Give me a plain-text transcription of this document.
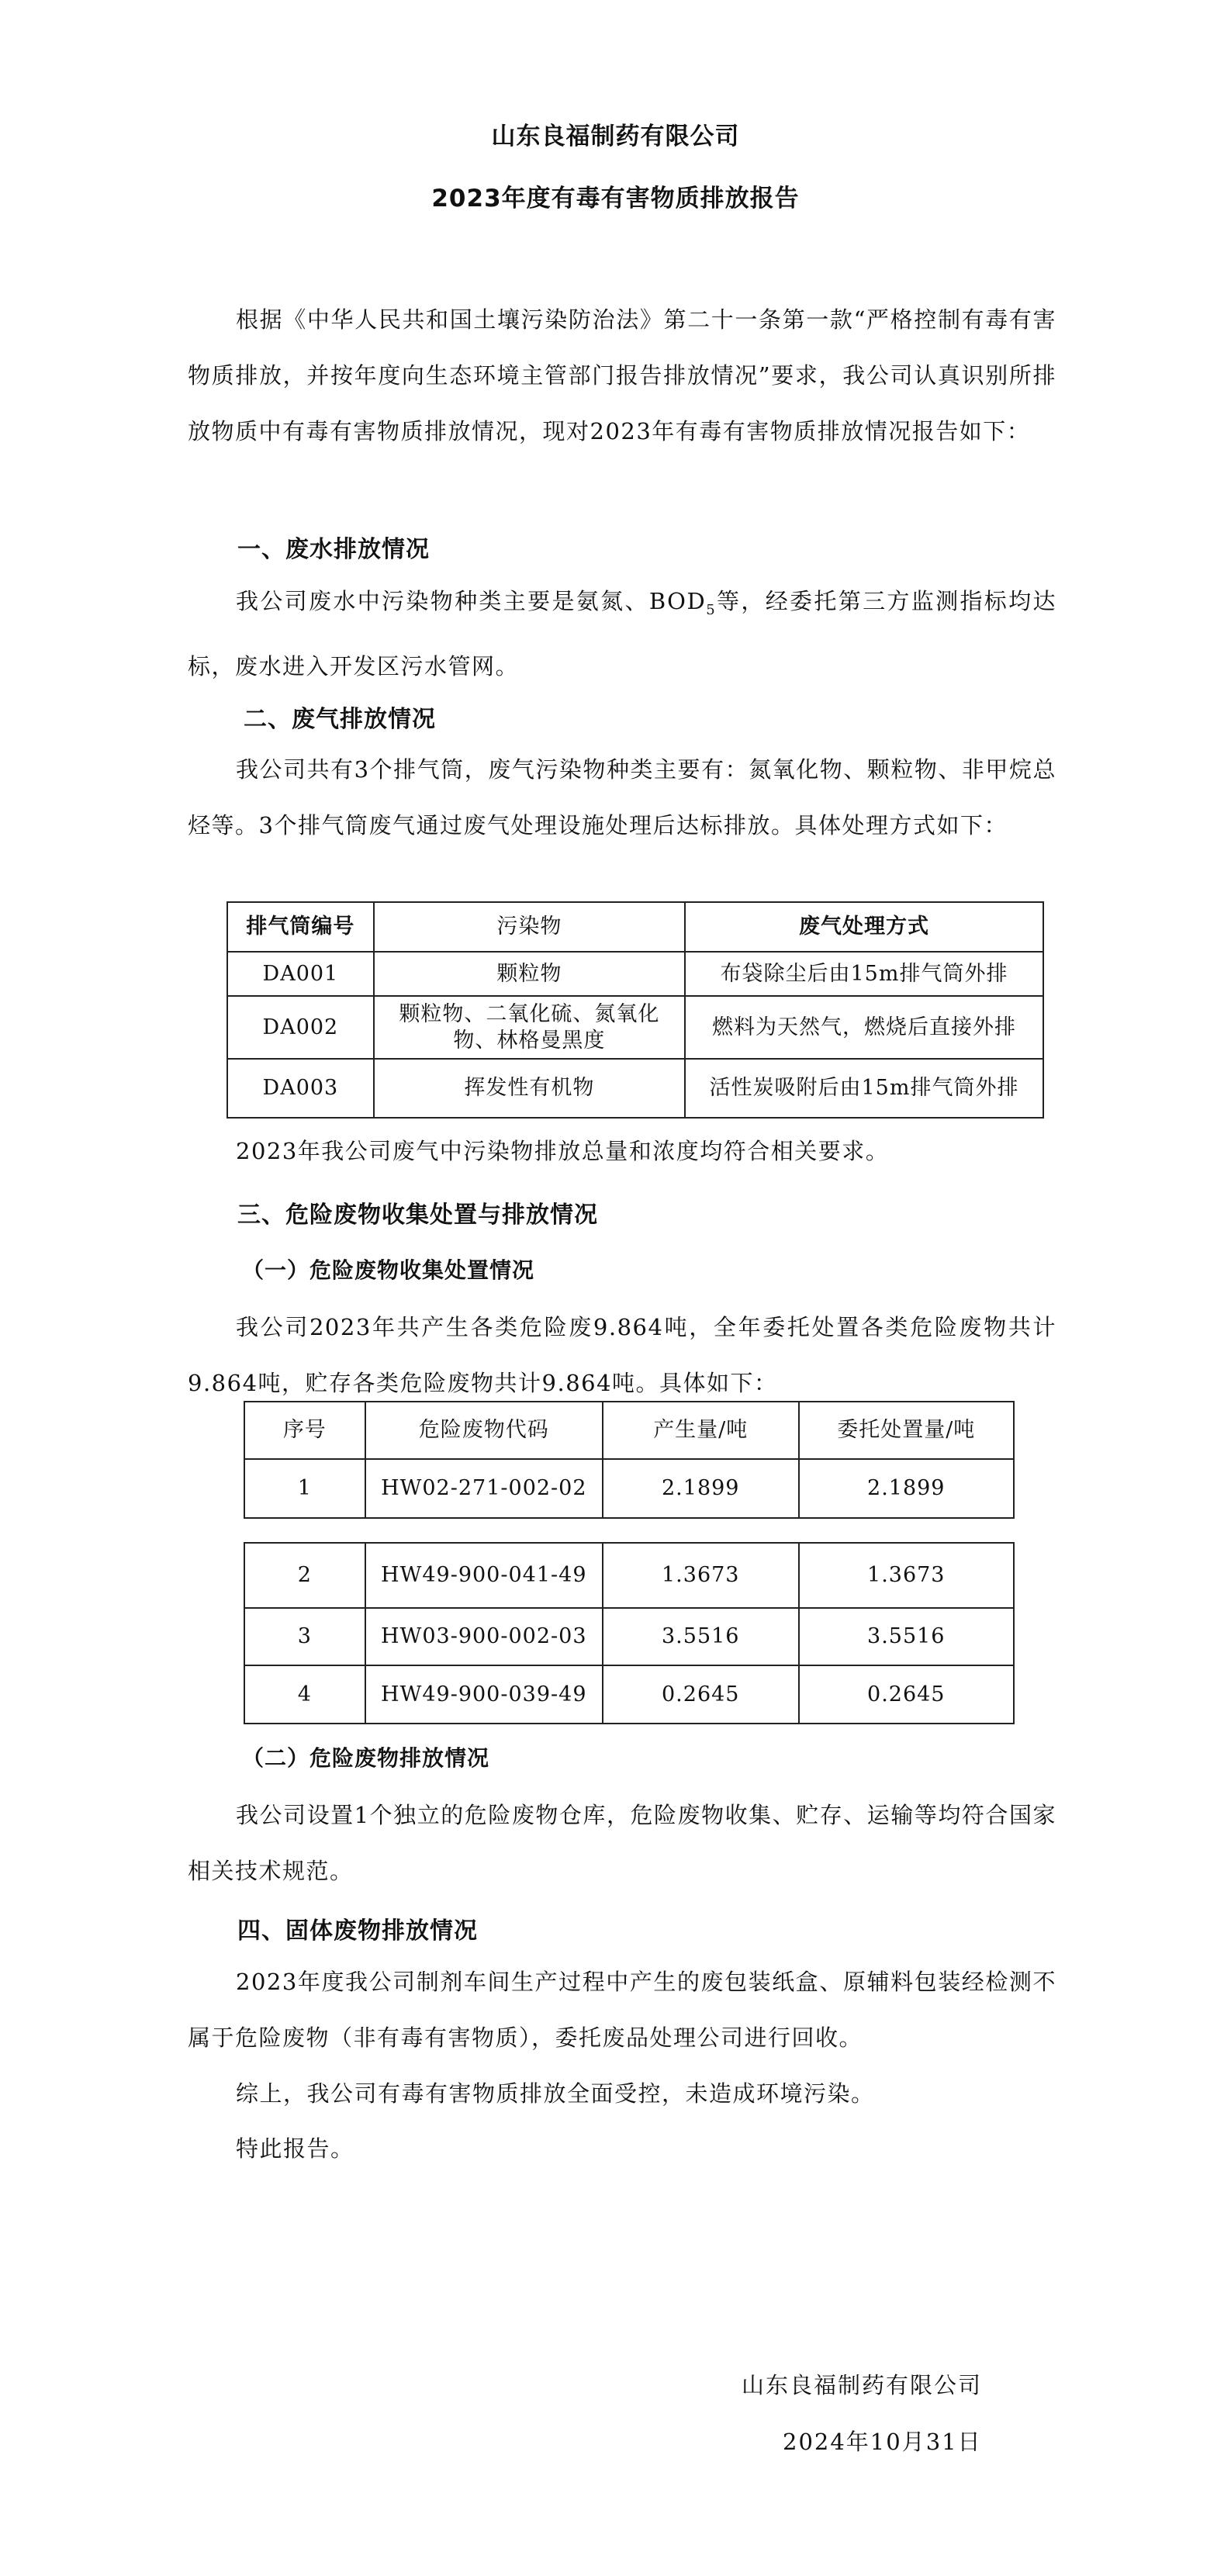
山东良福制药有限公司
2023年度有毒有害物质排放报告

根据《中华人民共和国土壤污染防治法》第二十一条第一款“严格控制有毒有害物质排放，并按年度向生态环境主管部门报告排放情况”要求，我公司认真识别所排放物质中有毒有害物质排放情况，现对2023年有毒有害物质排放情况报告如下：

一、废水排放情况

我公司废水中污染物种类主要是氨氮、$BOD_5$等，经委托第三方监测指标均达标，废水进入开发区污水管网。

二、废气排放情况

我公司共有3个排气筒，废气污染物种类主要有：氮氧化物、颗粒物、非甲烷总烃等。3个排气筒废气通过废气处理设施处理后达标排放。具体处理方式如下：

排气筒编号	污染物	废气处理方式
DA001	颗粒物	布袋除尘后由15m排气筒外排
DA002	颗粒物、二氧化硫、氮氧化物、林格曼黑度	燃料为天然气，燃烧后直接外排
DA003	挥发性有机物	活性炭吸附后由15m排气筒外排

2023年我公司废气中污染物排放总量和浓度均符合相关要求。

三、危险废物收集处置与排放情况
（一）危险废物收集处置情况

我公司2023年共产生各类危险废9.864吨，全年委托处置各类危险废物共计9.864吨，贮存各类危险废物共计9.864吨。具体如下：

序号	危险废物代码	产生量/吨	委托处置量/吨
1	HW02-271-002-02	2.1899	2.1899

2	HW49-900-041-49	1.3673	1.3673
3	HW03-900-002-03	3.5516	3.5516
4	HW49-900-039-49	0.2645	0.2645
（二）危险废物排放情况

我公司设置1个独立的危险废物仓库，危险废物收集、贮存、运输等均符合国家相关技术规范。

四、固体废物排放情况

2023年度我公司制剂车间生产过程中产生的废包装纸盒、原辅料包装经检测不属于危险废物（非有毒有害物质），委托废品处理公司进行回收。

综上，我公司有毒有害物质排放全面受控，未造成环境污染。

特此报告。

山东良福制药有限公司
2024年10月31日
